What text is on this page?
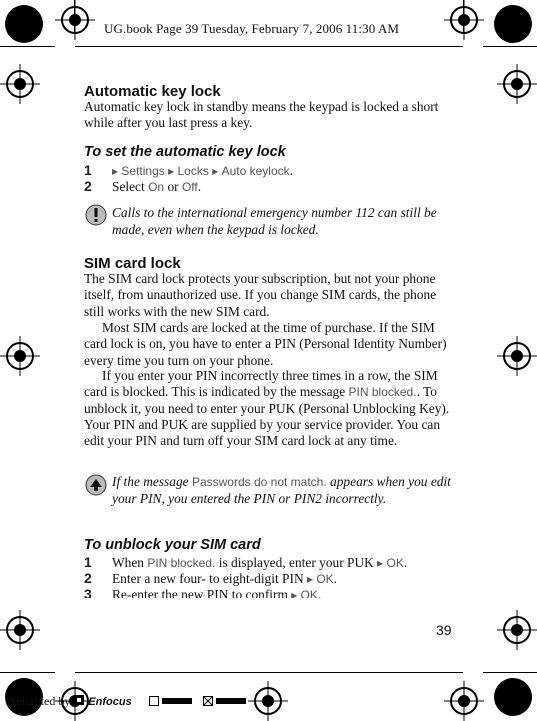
UG.book Page 39 Tuesday, February 7, 2006 11:30 AM
Automatic key lock

Automatic key lock in standby means the keypad is locked a short while after you last press a key.

To set the automatic key lock
1 ▸ Settings ▸ Locks ▸ Auto keylock.
2 Select On or Off.
Calls to the international emergency number 112 can still be made, even when the keypad is locked.
SIM card lock

The SIM card lock protects your subscription, but not your phone itself, from unauthorized use. If you change SIM cards, the phone still works with the new SIM card.

Most SIM cards are locked at the time of purchase. If the SIM card lock is on, you have to enter a PIN (Personal Identity Number) every time you turn on your phone.

If you enter your PIN incorrectly three times in a row, the SIM card is blocked. This is indicated by the message PIN blocked.. To unblock it, you need to enter your PUK (Personal Unblocking Key). Your PIN and PUK are supplied by your service provider. You can edit your PIN and turn off your SIM card lock at any time.

If the message Passwords do not match. appears when you edit your PIN, you entered the PIN or PIN2 incorrectly.
To unblock your SIM card
1 When PIN blocked. is displayed, enter your PUK ▸ OK.
2 Enter a new four- to eight-digit PIN ▸ OK.
3 Re-enter the new PIN to confirm ▸ OK.
39
Prelighted by Enfocus
